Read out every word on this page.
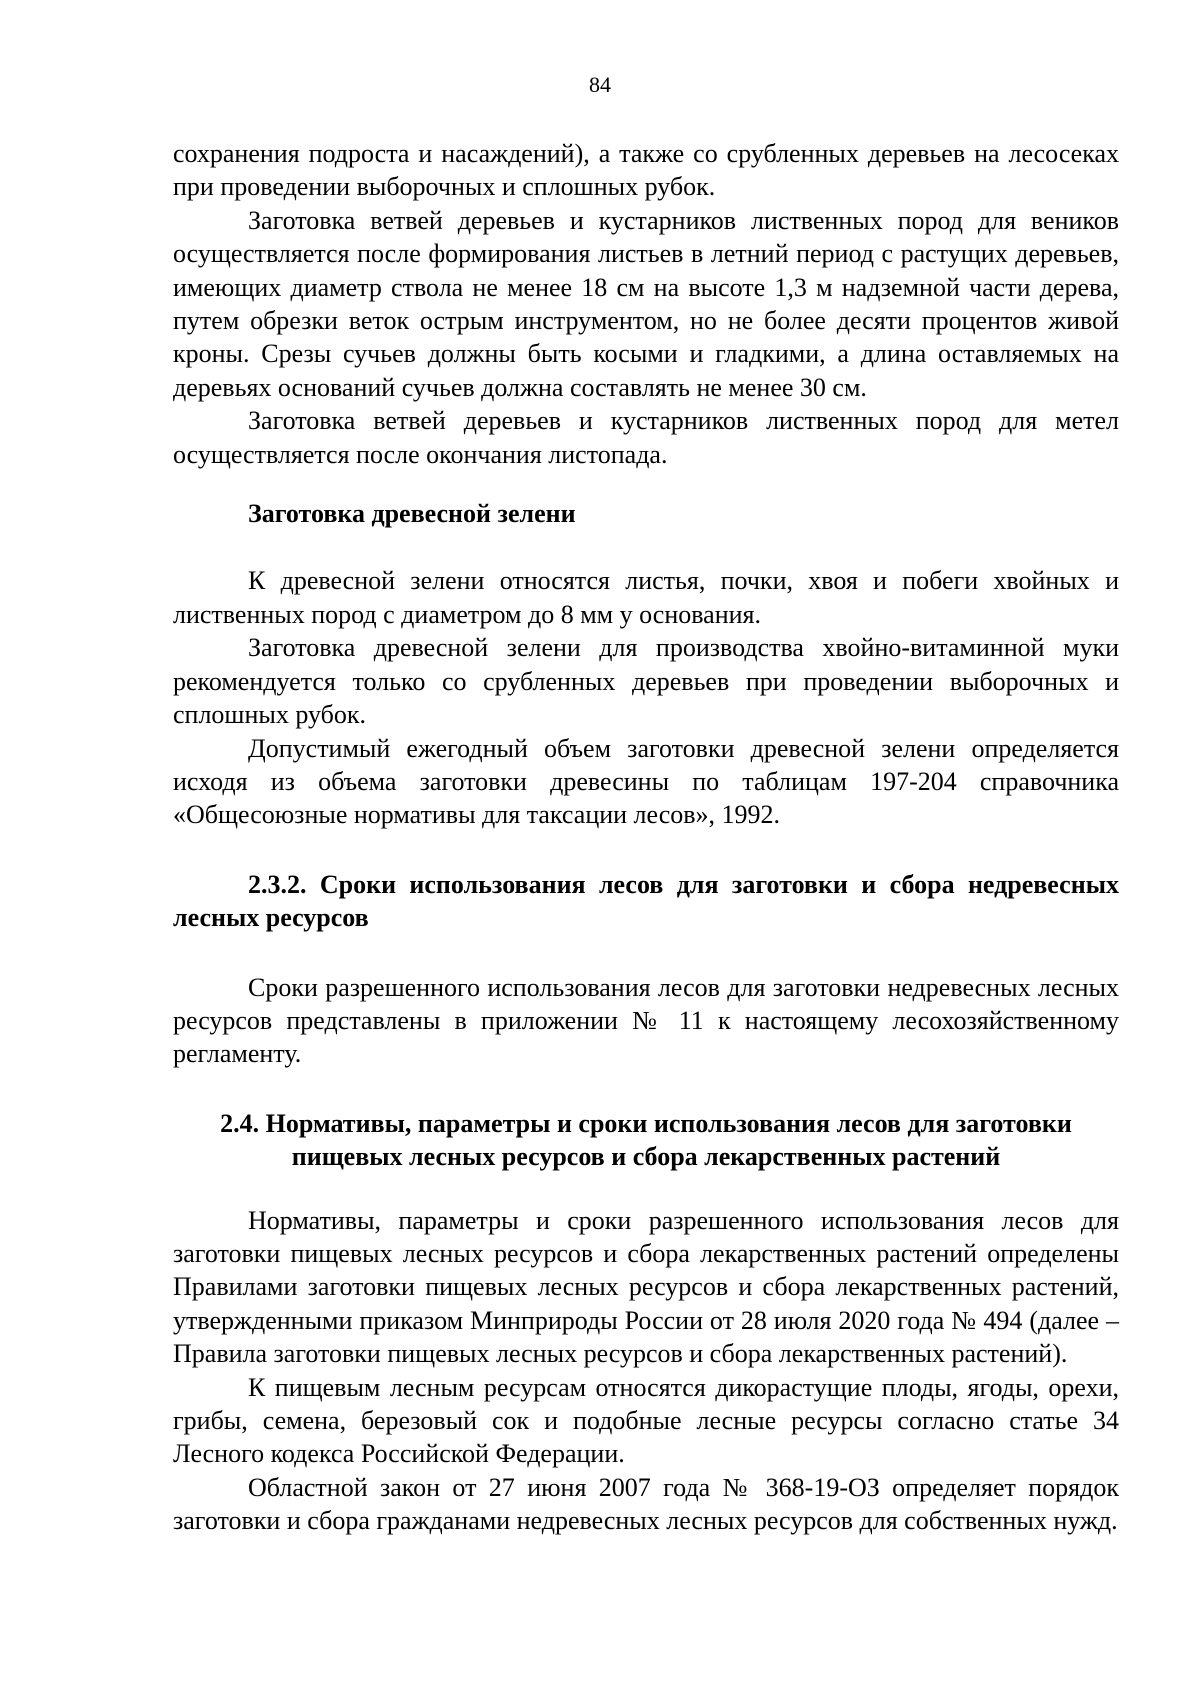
84

сохранения подроста и насаждений), а также со срубленных деревьев на лесосеках при проведении выборочных и сплошных рубок.

Заготовка ветвей деревьев и кустарников лиственных пород для веников осуществляется после формирования листьев в летний период с растущих деревьев, имеющих диаметр ствола не менее 18 см на высоте 1,3 м надземной части дерева, путем обрезки веток острым инструментом, но не более десяти процентов живой кроны. Срезы сучьев должны быть косыми и гладкими, а длина оставляемых на деревьях оснований сучьев должна составлять не менее 30 см.

Заготовка ветвей деревьев и кустарников лиственных пород для метел осуществляется после окончания листопада.

Заготовка древесной зелени

К древесной зелени относятся листья, почки, хвоя и побеги хвойных и лиственных пород с диаметром до 8 мм у основания.

Заготовка древесной зелени для производства хвойно-витаминной муки рекомендуется только со срубленных деревьев при проведении выборочных и сплошных рубок.

Допустимый ежегодный объем заготовки древесной зелени определяется исходя из объема заготовки древесины по таблицам 197-204 справочника «Общесоюзные нормативы для таксации лесов», 1992.

2.3.2. Сроки использования лесов для заготовки и сбора недревесных лесных ресурсов

Сроки разрешенного использования лесов для заготовки недревесных лесных ресурсов представлены в приложении № 11 к настоящему лесохозяйственному регламенту.

2.4. Нормативы, параметры и сроки использования лесов для заготовки пищевых лесных ресурсов и сбора лекарственных растений

Нормативы, параметры и сроки разрешенного использования лесов для заготовки пищевых лесных ресурсов и сбора лекарственных растений определены Правилами заготовки пищевых лесных ресурсов и сбора лекарственных растений, утвержденными приказом Минприроды России от 28 июля 2020 года № 494 (далее – Правила заготовки пищевых лесных ресурсов и сбора лекарственных растений).

К пищевым лесным ресурсам относятся дикорастущие плоды, ягоды, орехи, грибы, семена, березовый сок и подобные лесные ресурсы согласно статье 34 Лесного кодекса Российской Федерации.

Областной закон от 27 июня 2007 года № 368-19-ОЗ определяет порядок заготовки и сбора гражданами недревесных лесных ресурсов для собственных нужд.
